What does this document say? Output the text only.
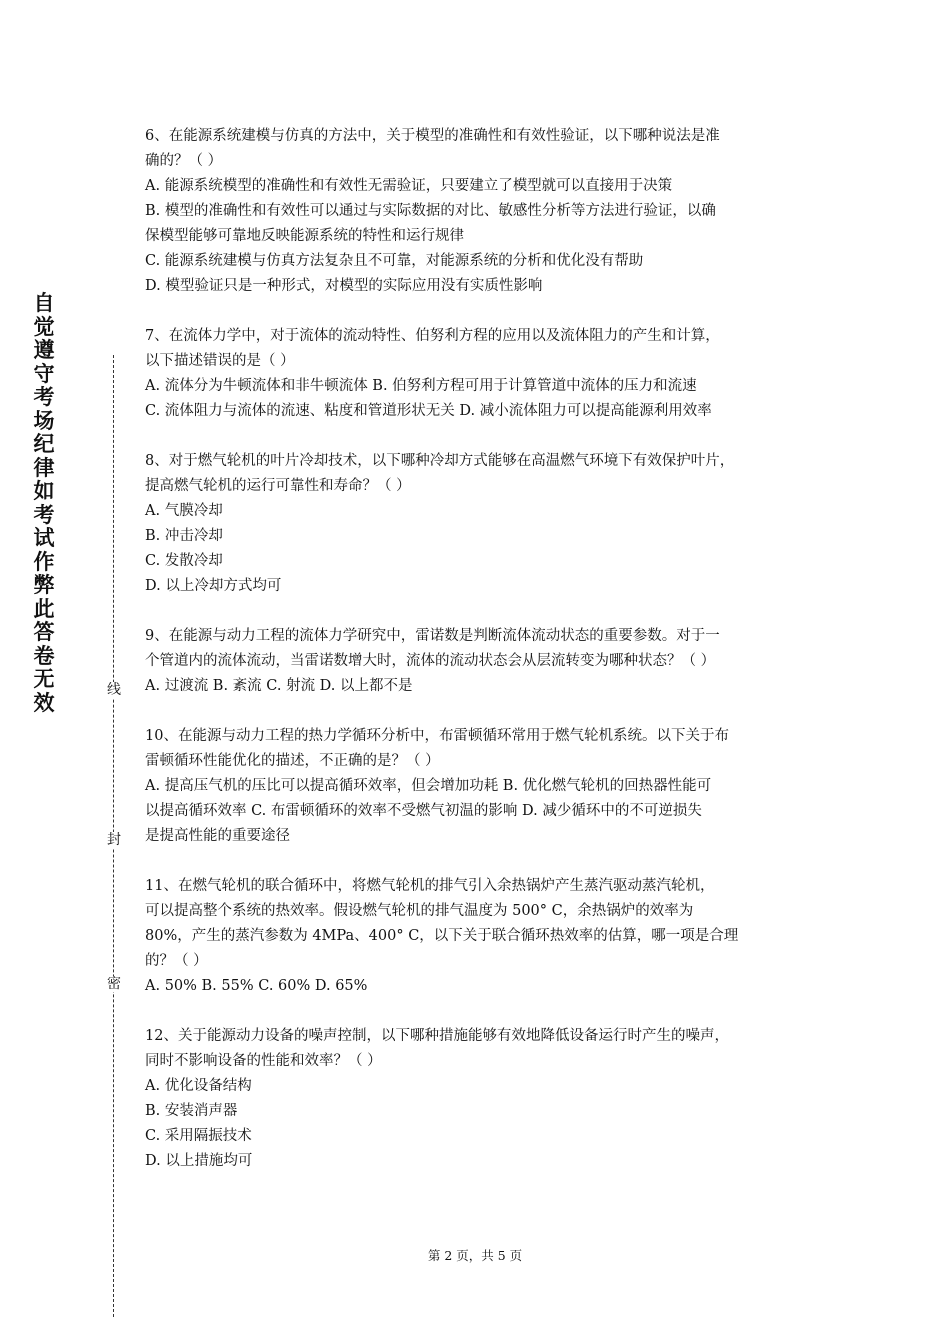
自觉遵守考场纪律如考试作弊此答卷无效
线
封
密
6、在能源系统建模与仿真的方法中，关于模型的准确性和有效性验证，以下哪种说法是准
确的？（ ）
A. 能源系统模型的准确性和有效性无需验证，只要建立了模型就可以直接用于决策
B. 模型的准确性和有效性可以通过与实际数据的对比、敏感性分析等方法进行验证，以确
保模型能够可靠地反映能源系统的特性和运行规律
C. 能源系统建模与仿真方法复杂且不可靠，对能源系统的分析和优化没有帮助
D. 模型验证只是一种形式，对模型的实际应用没有实质性影响
7、在流体力学中，对于流体的流动特性、伯努利方程的应用以及流体阻力的产生和计算，
以下描述错误的是（ ）
A. 流体分为牛顿流体和非牛顿流体 B. 伯努利方程可用于计算管道中流体的压力和流速
C. 流体阻力与流体的流速、粘度和管道形状无关 D. 减小流体阻力可以提高能源利用效率
8、对于燃气轮机的叶片冷却技术，以下哪种冷却方式能够在高温燃气环境下有效保护叶片，
提高燃气轮机的运行可靠性和寿命？（ ）
A. 气膜冷却
B. 冲击冷却
C. 发散冷却
D. 以上冷却方式均可
9、在能源与动力工程的流体力学研究中，雷诺数是判断流体流动状态的重要参数。对于一
个管道内的流体流动，当雷诺数增大时，流体的流动状态会从层流转变为哪种状态？（ ）
A. 过渡流 B. 紊流 C. 射流 D. 以上都不是
10、在能源与动力工程的热力学循环分析中，布雷顿循环常用于燃气轮机系统。以下关于布
雷顿循环性能优化的描述，不正确的是？（ ）
A. 提高压气机的压比可以提高循环效率，但会增加功耗 B. 优化燃气轮机的回热器性能可
以提高循环效率 C. 布雷顿循环的效率不受燃气初温的影响 D. 减少循环中的不可逆损失
是提高性能的重要途径
11、在燃气轮机的联合循环中，将燃气轮机的排气引入余热锅炉产生蒸汽驱动蒸汽轮机，
可以提高整个系统的热效率。假设燃气轮机的排气温度为 500° C，余热锅炉的效率为
80%，产生的蒸汽参数为 4MPa、400° C，以下关于联合循环热效率的估算，哪一项是合理
的？（ ）
A. 50% B. 55% C. 60% D. 65%
12、关于能源动力设备的噪声控制，以下哪种措施能够有效地降低设备运行时产生的噪声，
同时不影响设备的性能和效率？（ ）
A. 优化设备结构
B. 安装消声器
C. 采用隔振技术
D. 以上措施均可
第 2 页，共 5 页
